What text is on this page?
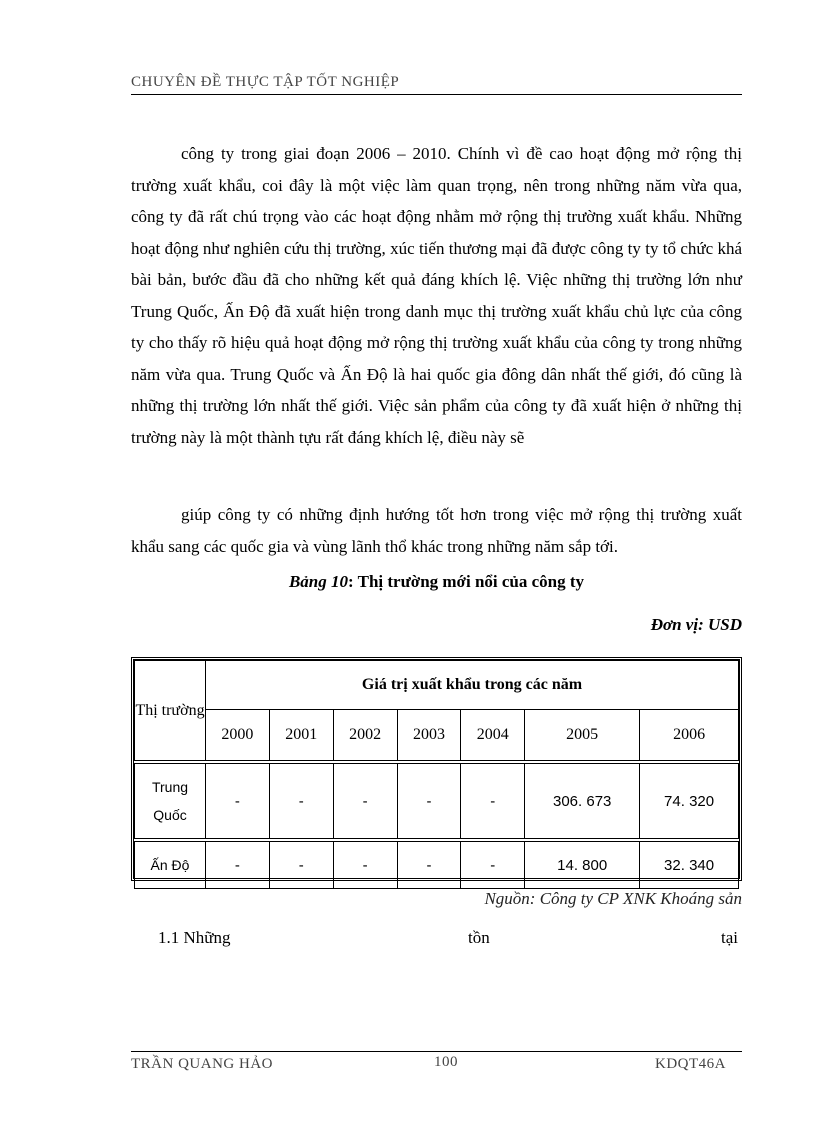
CHUYÊN ĐỀ THỰC TẬP TỐT NGHIỆP

công ty trong giai đoạn 2006 – 2010. Chính vì đề cao hoạt động mở rộng thị trường xuất khẩu, coi đây là một việc làm quan trọng, nên trong những năm vừa qua, công ty đã rất chú trọng vào các hoạt động nhằm mở rộng thị trường xuất khẩu. Những hoạt động như nghiên cứu thị trường, xúc tiến thương mại đã được công ty ty tổ chức khá bài bản, bước đầu đã cho những kết quả đáng khích lệ. Việc những thị trường lớn như Trung Quốc, Ấn Độ đã xuất hiện trong danh mục thị trường xuất khẩu chủ lực của công ty cho thấy rõ hiệu quả hoạt động mở rộng thị trường xuất khẩu của công ty trong những năm vừa qua. Trung Quốc và Ấn Độ là hai quốc gia đông dân nhất thế giới, đó cũng là những thị trường lớn nhất thế giới. Việc sản phẩm của công ty đã xuất hiện ở những thị trường này là một thành tựu rất đáng khích lệ, điều này sẽ

giúp công ty có những định hướng tốt hơn trong việc mở rộng thị trường xuất khẩu sang các quốc gia và vùng lãnh thổ khác trong những năm sắp tới.

Bảng 10: Thị trường mới nổi của công ty
Đơn vị: USD
Thị trường	Giá trị xuất khẩu trong các năm						
	2000	2001	2002	2003	2004	2005	2006
Trung Quốc	-	-	-	-	-	306. 673	74. 320
Ấn Độ	-	-	-	-	-	14. 800	32. 340
Nguồn: Công ty CP XNK Khoáng sản
1.1 Những	tồn	tại
TRẦN QUANG HẢO	100	KDQT46A
